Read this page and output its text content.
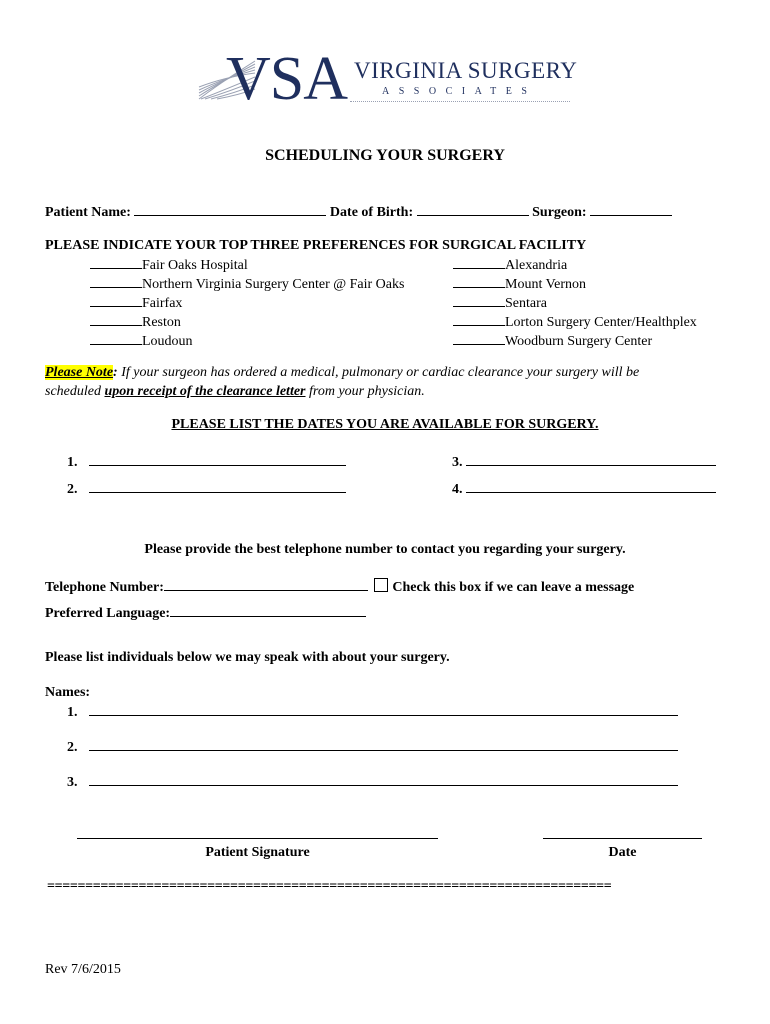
VSA VIRGINIA SURGERY
ASSOCIATES
SCHEDULING YOUR SURGERY
Patient Name:	Date of Birth:	Surgeon:
PLEASE INDICATE YOUR TOP THREE PREFERENCES FOR SURGICAL FACILITY
Fair Oaks Hospital
Northern Virginia Surgery Center @ Fair Oaks
Fairfax
Reston
Loudoun
Alexandria
Mount Vernon
Sentara
Lorton Surgery Center/Healthplex
Woodburn Surgery Center
Please Note: If your surgeon has ordered a medical, pulmonary or cardiac clearance your surgery will be
scheduled upon receipt of the clearance letter from your physician.
PLEASE LIST THE DATES YOU ARE AVAILABLE FOR SURGERY.
1.
2.
3.
4.
Please provide the best telephone number to contact you regarding your surgery.
Telephone Number:	Check this box if we can leave a message
Preferred Language:
Please list individuals below we may speak with about your surgery.
Names:
1.
2.
3.
Patient Signature	Date
==========================================================================
Rev 7/6/2015
